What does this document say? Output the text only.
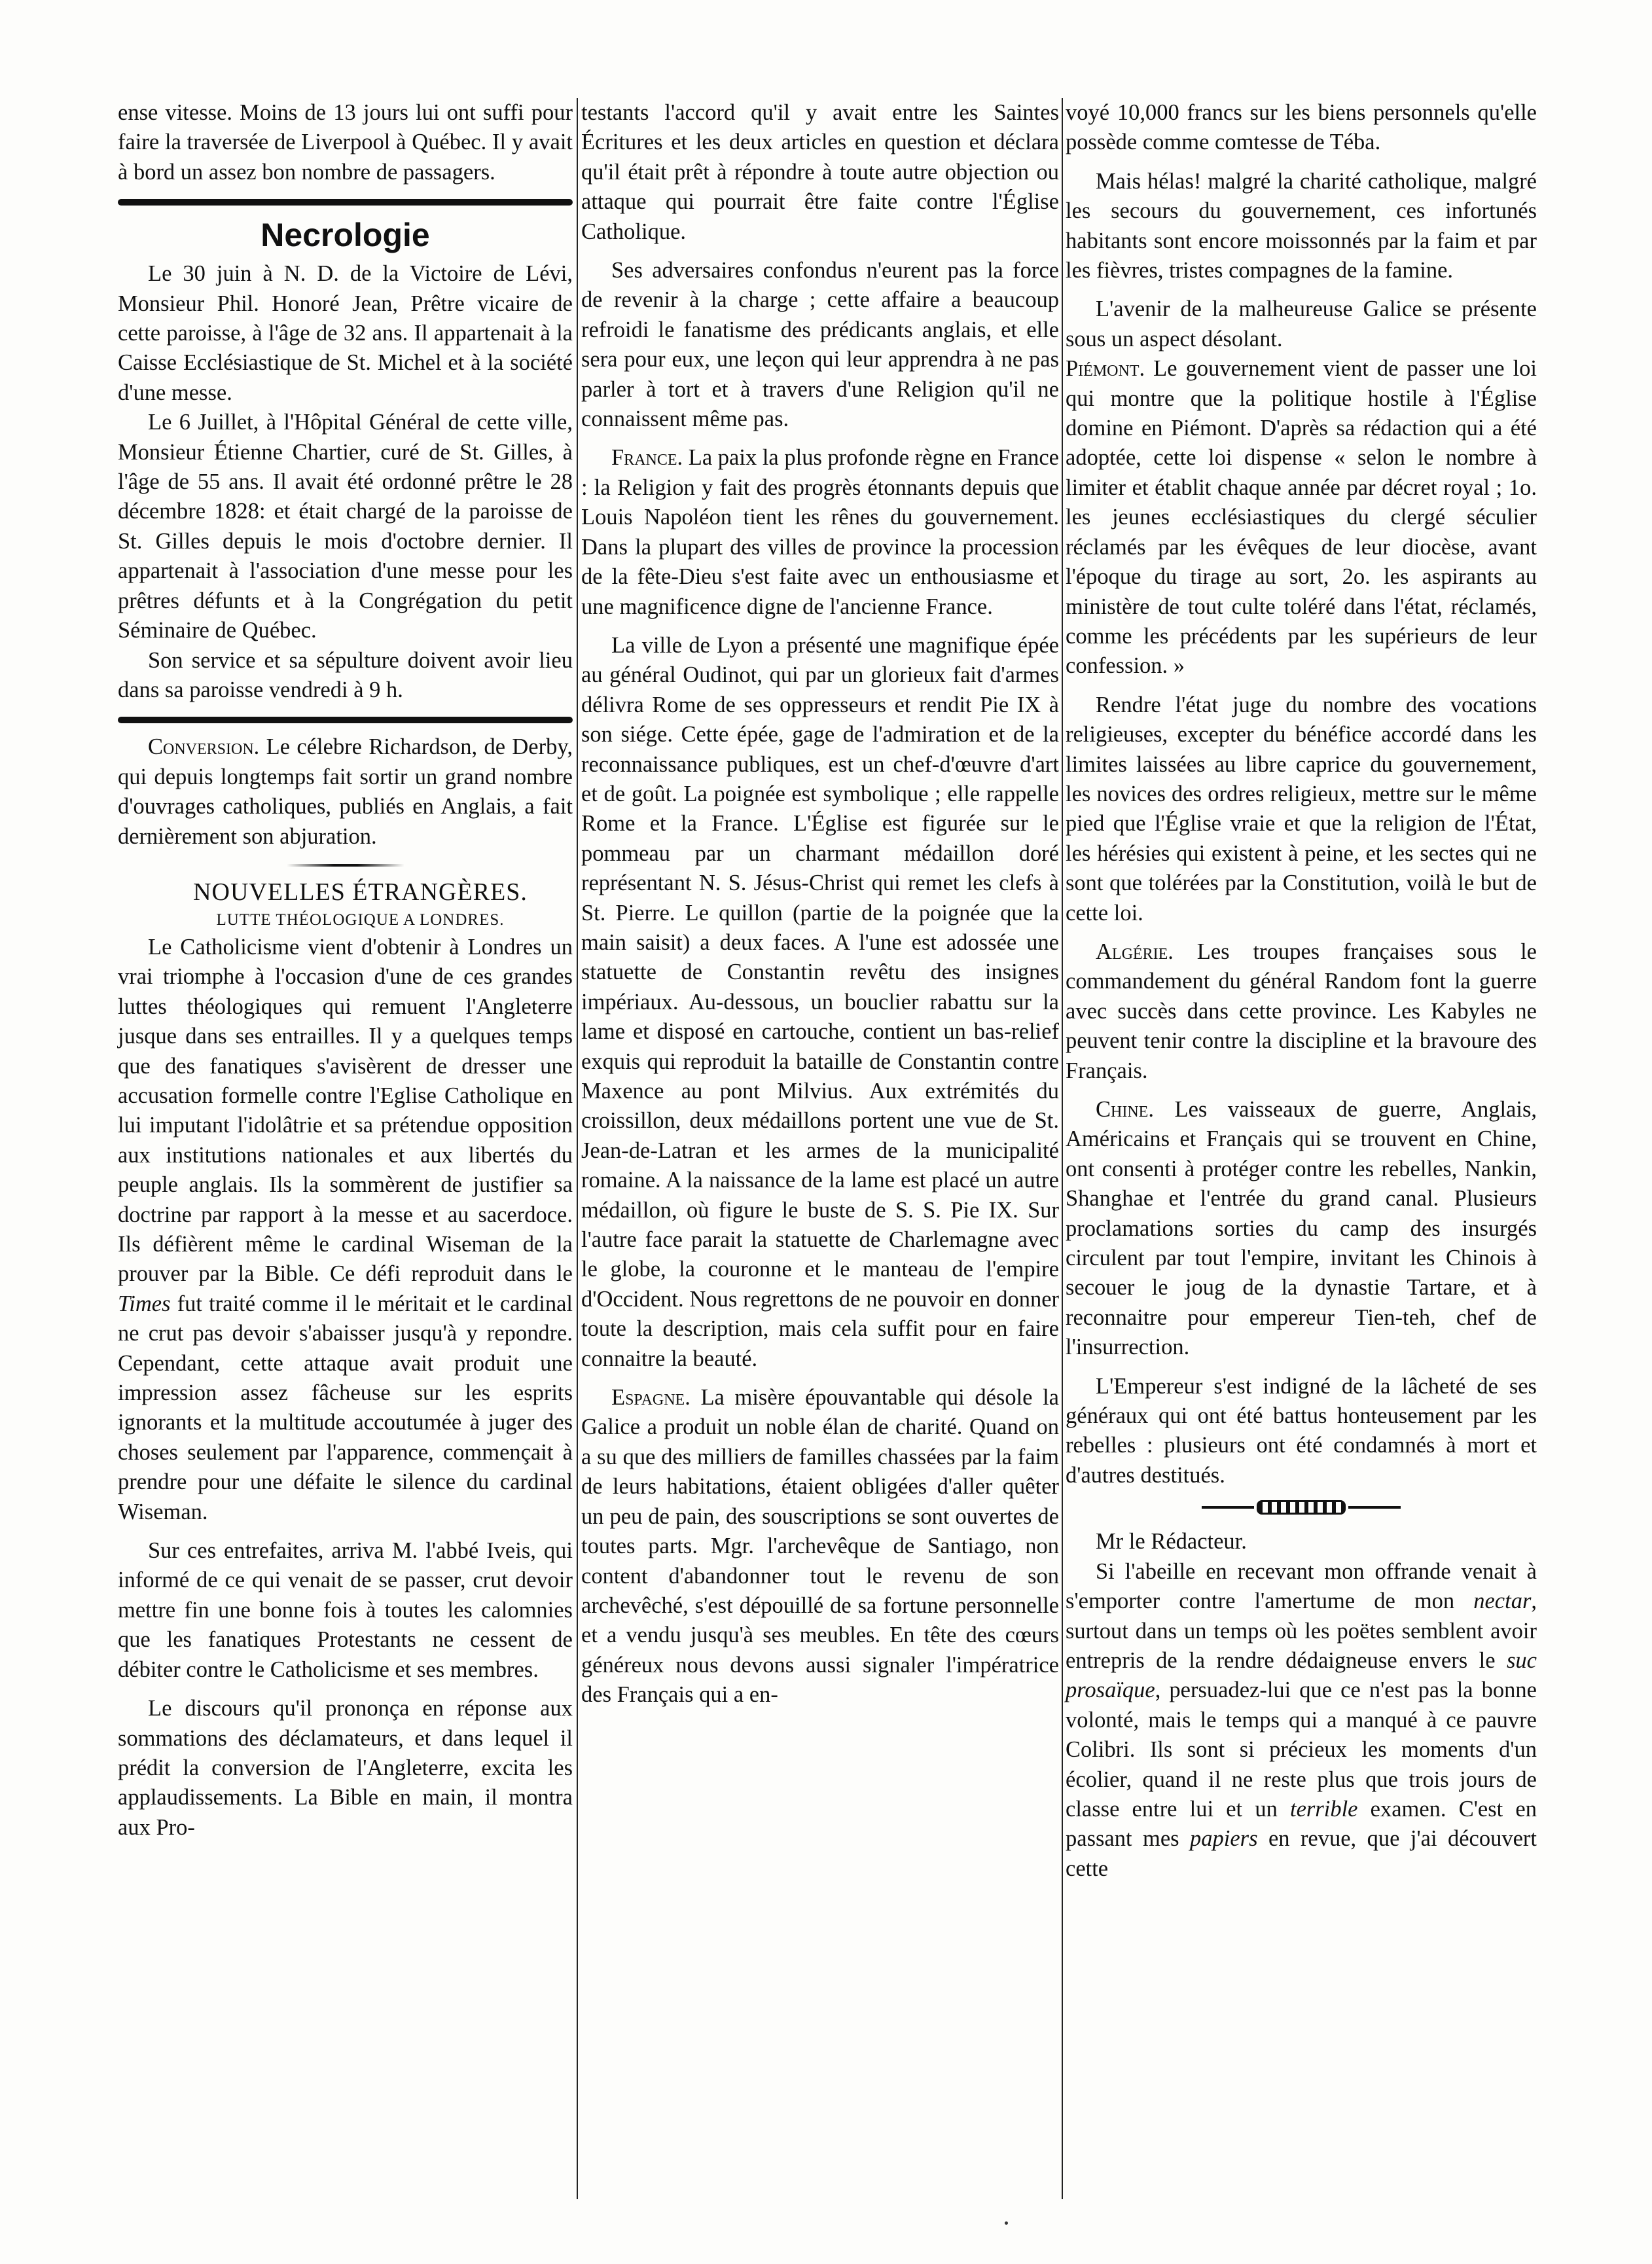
ense vitesse. Moins de 13 jours lui ont suffi pour faire la traversée de Liverpool à Québec. Il y avait à bord un assez bon nombre de passagers.

Necrologie

Le 30 juin à N. D. de la Victoire de Lévi, Monsieur Phil. Honoré Jean, Prêtre vicaire de cette paroisse, à l'âge de 32 ans. Il appartenait à la Caisse Ecclésiastique de St. Michel et à la société d'une messe.

Le 6 Juillet, à l'Hôpital Général de cette ville, Monsieur Étienne Chartier, curé de St. Gilles, à l'âge de 55 ans. Il avait été ordonné prêtre le 28 décembre 1828: et était chargé de la paroisse de St. Gilles depuis le mois d'octobre dernier. Il appartenait à l'association d'une messe pour les prêtres défunts et à la Congrégation du petit Séminaire de Québec.

Son service et sa sépulture doivent avoir lieu dans sa paroisse vendredi à 9 h.

Conversion. Le célebre Richardson, de Derby, qui depuis longtemps fait sortir un grand nombre d'ouvrages catholiques, publiés en Anglais, a fait dernièrement son abjuration.

NOUVELLES ÉTRANGÈRES.

LUTTE THÉOLOGIQUE A LONDRES.

Le Catholicisme vient d'obtenir à Londres un vrai triomphe à l'occasion d'une de ces grandes luttes théologiques qui remuent l'Angleterre jusque dans ses entrailles. Il y a quelques temps que des fanatiques s'avisèrent de dresser une accusation formelle contre l'Eglise Catholique en lui imputant l'idolâtrie et sa prétendue opposition aux institutions nationales et aux libertés du peuple anglais. Ils la sommèrent de justifier sa doctrine par rapport à la messe et au sacerdoce. Ils défièrent même le cardinal Wiseman de la prouver par la Bible. Ce défi reproduit dans le Times fut traité comme il le méritait et le cardinal ne crut pas devoir s'abaisser jusqu'à y repondre. Cependant, cette attaque avait produit une impression assez fâcheuse sur les esprits ignorants et la multitude accoutumée à juger des choses seulement par l'apparence, commençait à prendre pour une défaite le silence du cardinal Wiseman.

Sur ces entrefaites, arriva M. l'abbé Iveis, qui informé de ce qui venait de se passer, crut devoir mettre fin une bonne fois à toutes les calomnies que les fanatiques Protestants ne cessent de débiter contre le Catholicisme et ses membres.

Le discours qu'il prononça en réponse aux sommations des déclamateurs, et dans lequel il prédit la conversion de l'Angleterre, excita les applaudissements. La Bible en main, il montra aux Pro-

testants l'accord qu'il y avait entre les Saintes Écritures et les deux articles en question et déclara qu'il était prêt à répondre à toute autre objection ou attaque qui pourrait être faite contre l'Église Catholique.

Ses adversaires confondus n'eurent pas la force de revenir à la charge ; cette affaire a beaucoup refroidi le fanatisme des prédicants anglais, et elle sera pour eux, une leçon qui leur apprendra à ne pas parler à tort et à travers d'une Religion qu'il ne connaissent même pas.

France. La paix la plus profonde règne en France : la Religion y fait des progrès étonnants depuis que Louis Napoléon tient les rênes du gouvernement. Dans la plupart des villes de province la procession de la fête-Dieu s'est faite avec un enthousiasme et une magnificence digne de l'ancienne France.

La ville de Lyon a présenté une magnifique épée au général Oudinot, qui par un glorieux fait d'armes délivra Rome de ses oppresseurs et rendit Pie IX à son siége. Cette épée, gage de l'admiration et de la reconnaissance publiques, est un chef-d'œuvre d'art et de goût. La poignée est symbolique ; elle rappelle Rome et la France. L'Église est figurée sur le pommeau par un charmant médaillon doré représentant N. S. Jésus-Christ qui remet les clefs à St. Pierre. Le quillon (partie de la poignée que la main saisit) a deux faces. A l'une est adossée une statuette de Constantin revêtu des insignes impériaux. Au-dessous, un bouclier rabattu sur la lame et disposé en cartouche, contient un bas-relief exquis qui reproduit la bataille de Constantin contre Maxence au pont Milvius. Aux extrémités du croissillon, deux médaillons portent une vue de St. Jean-de-Latran et les armes de la municipalité romaine. A la naissance de la lame est placé un autre médaillon, où figure le buste de S. S. Pie IX. Sur l'autre face parait la statuette de Charlemagne avec le globe, la couronne et le manteau de l'empire d'Occident. Nous regrettons de ne pouvoir en donner toute la description, mais cela suffit pour en faire connaitre la beauté.

Espagne. La misère épouvantable qui désole la Galice a produit un noble élan de charité. Quand on a su que des milliers de familles chassées par la faim de leurs habitations, étaient obligées d'aller quêter un peu de pain, des souscriptions se sont ouvertes de toutes parts. Mgr. l'archevêque de Santiago, non content d'abandonner tout le revenu de son archevêché, s'est dépouillé de sa fortune personnelle et a vendu jusqu'à ses meubles. En tête des cœurs généreux nous devons aussi signaler l'impératrice des Français qui a en-

voyé 10,000 francs sur les biens personnels qu'elle possède comme comtesse de Téba.

Mais hélas! malgré la charité catholique, malgré les secours du gouvernement, ces infortunés habitants sont encore moissonnés par la faim et par les fièvres, tristes compagnes de la famine.

L'avenir de la malheureuse Galice se présente sous un aspect désolant.

Piémont. Le gouvernement vient de passer une loi qui montre que la politique hostile à l'Église domine en Piémont. D'après sa rédaction qui a été adoptée, cette loi dispense « selon le nombre à limiter et établit chaque année par décret royal ; 1o. les jeunes ecclésiastiques du clergé séculier réclamés par les évêques de leur diocèse, avant l'époque du tirage au sort, 2o. les aspirants au ministère de tout culte toléré dans l'état, réclamés, comme les précédents par les supérieurs de leur confession. »

Rendre l'état juge du nombre des vocations religieuses, excepter du bénéfice accordé dans les limites laissées au libre caprice du gouvernement, les novices des ordres religieux, mettre sur le même pied que l'Église vraie et que la religion de l'État, les hérésies qui existent à peine, et les sectes qui ne sont que tolérées par la Constitution, voilà le but de cette loi.

Algérie. Les troupes françaises sous le commandement du général Random font la guerre avec succès dans cette province. Les Kabyles ne peuvent tenir contre la discipline et la bravoure des Français.

Chine. Les vaisseaux de guerre, Anglais, Américains et Français qui se trouvent en Chine, ont consenti à protéger contre les rebelles, Nankin, Shanghae et l'entrée du grand canal. Plusieurs proclamations sorties du camp des insurgés circulent par tout l'empire, invitant les Chinois à secouer le joug de la dynastie Tartare, et à reconnaitre pour empereur Tien-teh, chef de l'insurrection.

L'Empereur s'est indigné de la lâcheté de ses généraux qui ont été battus honteusement par les rebelles : plusieurs ont été condamnés à mort et d'autres destitués.

Mr le Rédacteur.

Si l'abeille en recevant mon offrande venait à s'emporter contre l'amertume de mon nectar, surtout dans un temps où les poëtes semblent avoir entrepris de la rendre dédaigneuse envers le suc prosaïque, persuadez-lui que ce n'est pas la bonne volonté, mais le temps qui a manqué à ce pauvre Colibri. Ils sont si précieux les moments d'un écolier, quand il ne reste plus que trois jours de classe entre lui et un terrible examen. C'est en passant mes papiers en revue, que j'ai découvert cette
